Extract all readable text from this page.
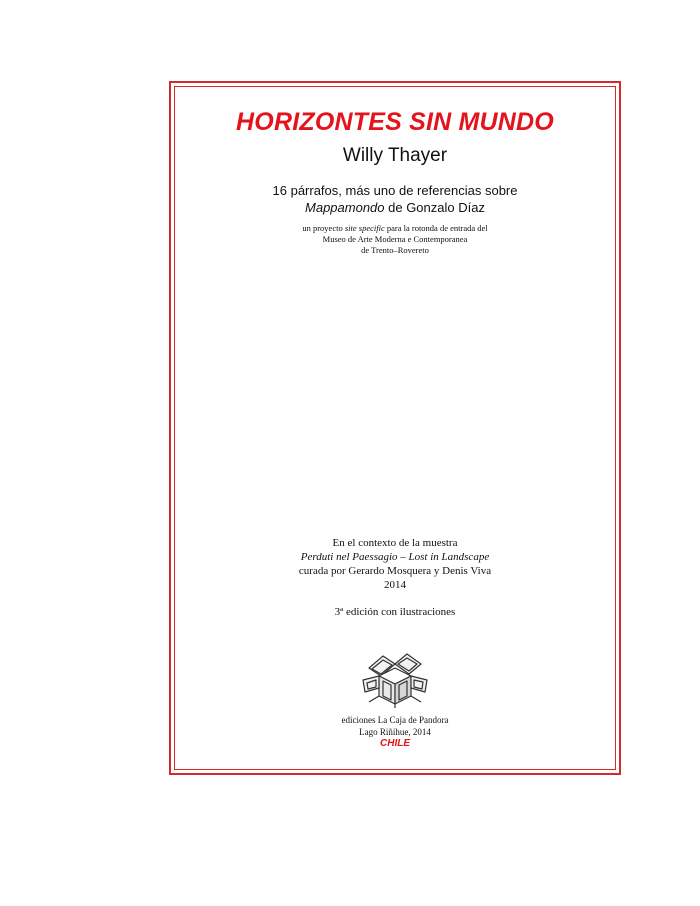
HORIZONTES SIN MUNDO
Willy Thayer
16 párrafos, más uno de referencias sobre
Mappamondo de Gonzalo Díaz
un proyecto site specific para la rotonda de entrada del
Museo de Arte Moderna e Contemporanea
de Trento–Rovereto
En el contexto de la muestra
Perduti nel Paessagio – Lost in Landscape
curada por Gerardo Mosquera y Denis Viva
2014
3ª edición con ilustraciones
ediciones La Caja de Pandora
Lago Riñihue, 2014
CHILE
